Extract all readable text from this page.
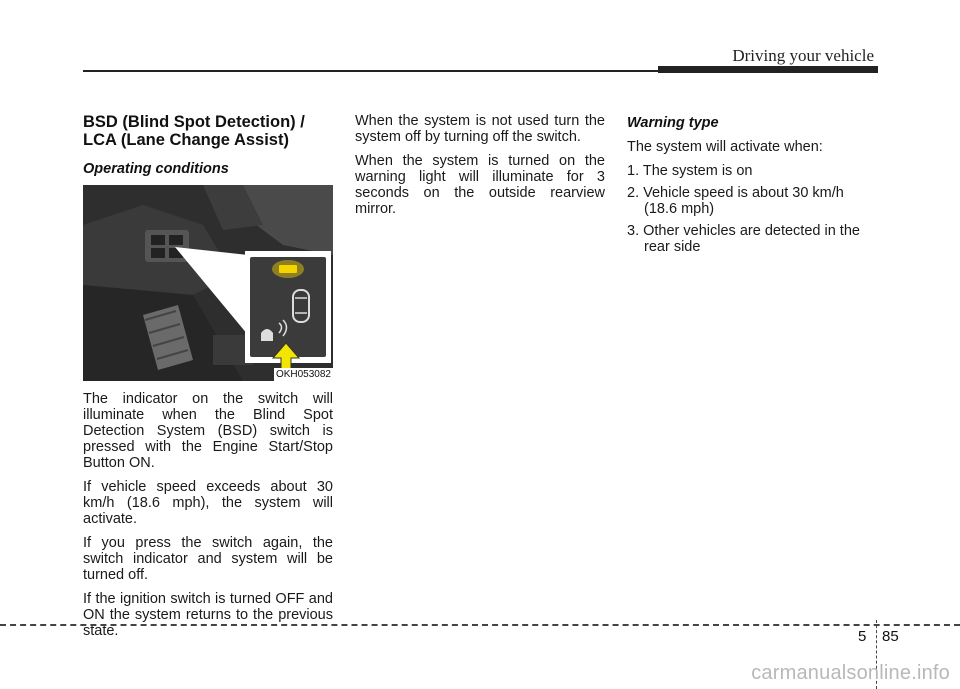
Driving your vehicle
BSD (Blind Spot Detection) /
LCA (Lane Change Assist)
Operating conditions
OKH053082
The indicator on the switch will illuminate when the Blind Spot Detection System (BSD) switch is pressed with the Engine Start/Stop Button ON.
If vehicle speed exceeds about 30 km/h (18.6 mph), the system will activate.
If you press the switch again, the switch indicator and system will be turned off.
If the ignition switch is turned OFF and ON the system returns to the previous state.
When the system is not used turn the system off by turning off the switch.
When the system is turned on the warning light will illuminate for 3 seconds on the outside rearview mirror.
Warning type
The system will activate when:
1. The system is on
2. Vehicle speed is about 30 km/h (18.6 mph)
3. Other vehicles are detected in the rear side
5 85
carmanualsonline.info
